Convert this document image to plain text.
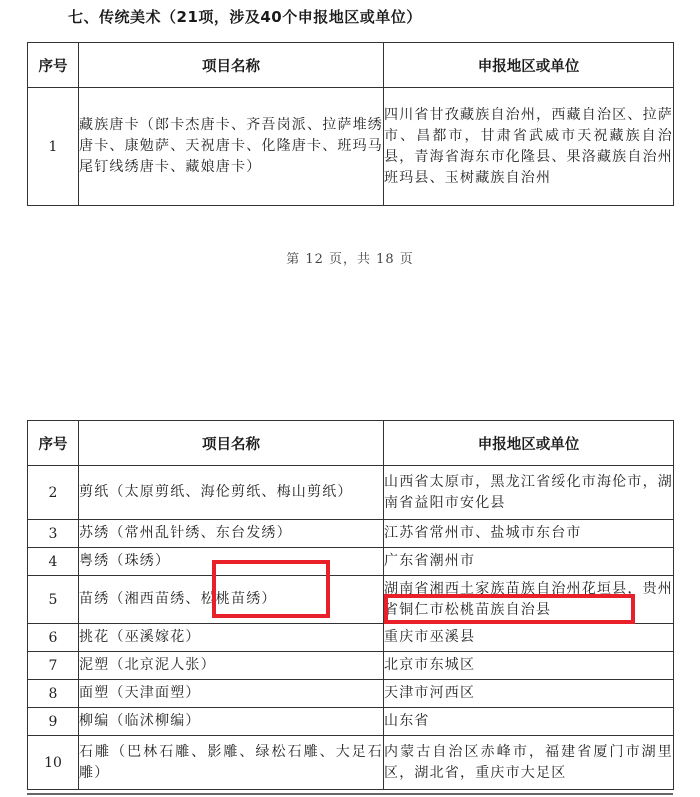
七、传统美术（21项，涉及40个申报地区或单位）
序号	项目名称	申报地区或单位
1	藏族唐卡（郎卡杰唐卡、齐吾岗派、拉萨堆绣唐卡、康勉萨、天祝唐卡、化隆唐卡、班玛马尾钉线绣唐卡、藏娘唐卡）	四川省甘孜藏族自治州，西藏自治区、拉萨市、昌都市，甘肃省武威市天祝藏族自治县，青海省海东市化隆县、果洛藏族自治州班玛县、玉树藏族自治州
第 12 页，共 18 页
序号	项目名称	申报地区或单位
2	剪纸（太原剪纸、海伦剪纸、梅山剪纸）	山西省太原市，黑龙江省绥化市海伦市，湖南省益阳市安化县
3	苏绣（常州乱针绣、东台发绣）	江苏省常州市、盐城市东台市
4	粤绣（珠绣）	广东省潮州市
5	苗绣（湘西苗绣、松桃苗绣）	湖南省湘西土家族苗族自治州花垣县，贵州省铜仁市松桃苗族自治县
6	挑花（巫溪嫁花）	重庆市巫溪县
7	泥塑（北京泥人张）	北京市东城区
8	面塑（天津面塑）	天津市河西区
9	柳编（临沭柳编）	山东省
10	石雕（巴林石雕、影雕、绿松石雕、大足石雕）	内蒙古自治区赤峰市，福建省厦门市湖里区，湖北省，重庆市大足区
